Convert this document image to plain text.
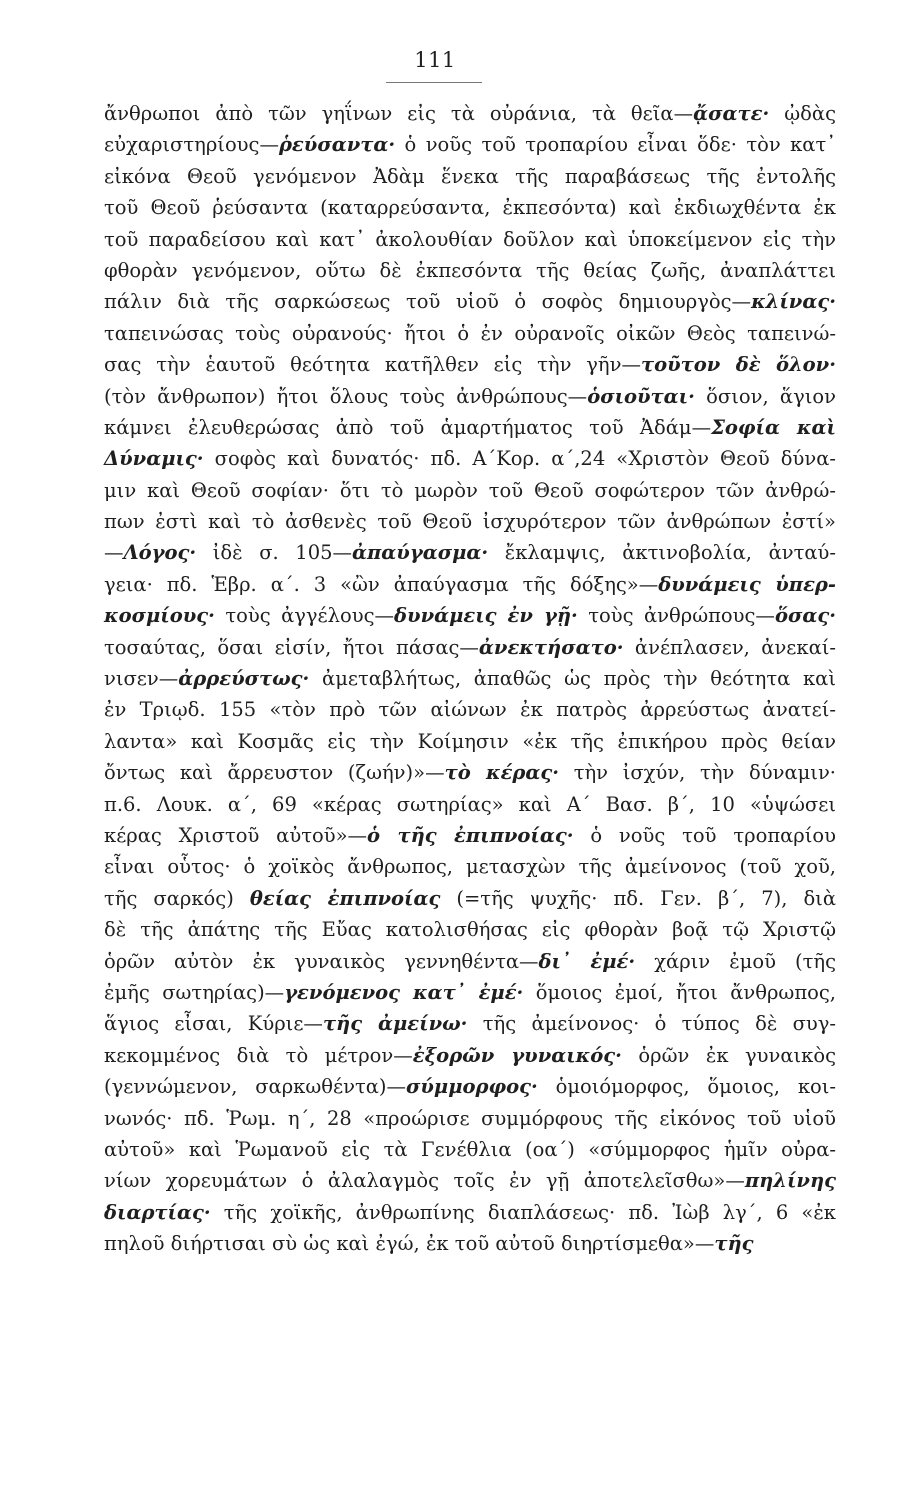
111
ἄνθρωποι ἀπὸ τῶν γηΐνων εἰς τὰ οὐράνια, τὰ θεῖα—ᾄσατε· ᾠδὰς
εὐχαριστηρίους—ῥεύσαντα· ὁ νοῦς τοῦ τροπαρίου εἶναι ὅδε· τὸν κατ᾿
εἰκόνα Θεοῦ γενόμενον Ἀδὰμ ἕνεκα τῆς παραβάσεως τῆς ἐντολῆς
τοῦ Θεοῦ ῥεύσαντα (καταρρεύσαντα, ἐκπεσόντα) καὶ ἐκδιωχθέντα ἐκ
τοῦ παραδείσου καὶ κατ᾿ ἀκολουθίαν δοῦλον καὶ ὑποκείμενον εἰς τὴν
φθορὰν γενόμενον, οὕτω δὲ ἐκπεσόντα τῆς θείας ζωῆς, ἀναπλάττει
πάλιν διὰ τῆς σαρκώσεως τοῦ υἱοῦ ὁ σοφὸς δημιουργὸς—κλίνας·
ταπεινώσας τοὺς οὐρανούς· ἤτοι ὁ ἐν οὐρανοῖς οἰκῶν Θεὸς ταπεινώ-
σας τὴν ἑαυτοῦ θεότητα κατῆλθεν εἰς τὴν γῆν—τοῦτον δὲ ὅλον·
(τὸν ἄνθρωπον) ἤτοι ὅλους τοὺς ἀνθρώπους—ὁσιοῦται· ὅσιον, ἅγιον
κάμνει ἐλευθερώσας ἀπὸ τοῦ ἁμαρτήματος τοῦ Ἀδάμ—Σοφία καὶ
Δύναμις· σοφὸς καὶ δυνατός· πδ. Α΄Κορ. α΄,24 «Χριστὸν Θεοῦ δύνα-
μιν καὶ Θεοῦ σοφίαν· ὅτι τὸ μωρὸν τοῦ Θεοῦ σοφώτερον τῶν ἀνθρώ-
πων ἐστὶ καὶ τὸ ἀσθενὲς τοῦ Θεοῦ ἰσχυρότερον τῶν ἀνθρώπων ἐστί»
—Λόγος· ἰδὲ σ. 105—ἀπαύγασμα· ἔκλαμψις, ἀκτινοβολία, ἀνταύ-
γεια· πδ. Ἑβρ. α΄. 3 «ὢν ἀπαύγασμα τῆς δόξης»—δυνάμεις ὑπερ-
κοσμίους· τοὺς ἀγγέλους—δυνάμεις ἐν γῇ· τοὺς ἀνθρώπους—ὅσας·
τοσαύτας, ὅσαι εἰσίν, ἤτοι πάσας—ἀνεκτήσατο· ἀνέπλασεν, ἀνεκαί-
νισεν—ἀρρεύστως· ἀμεταβλήτως, ἀπαθῶς ὡς πρὸς τὴν θεότητα καὶ
ἐν Τριῳδ. 155 «τὸν πρὸ τῶν αἰώνων ἐκ πατρὸς ἀρρεύστως ἀνατεί-
λαντα» καὶ Κοσμᾶς εἰς τὴν Κοίμησιν «ἐκ τῆς ἐπικήρου πρὸς θείαν
ὄντως καὶ ἄρρευστον (ζωήν)»—τὸ κέρας· τὴν ἰσχύν, τὴν δύναμιν·
π.6. Λουκ. α΄, 69 «κέρας σωτηρίας» καὶ Α΄ Βασ. β΄, 10 «ὑψώσει
κέρας Χριστοῦ αὐτοῦ»—ὁ τῆς ἐπιπνοίας· ὁ νοῦς τοῦ τροπαρίου
εἶναι οὗτος· ὁ χοϊκὸς ἄνθρωπος, μετασχὼν τῆς ἀμείνονος (τοῦ χοῦ,
τῆς σαρκός) θείας ἐπιπνοίας (=τῆς ψυχῆς· πδ. Γεν. β΄, 7), διὰ
δὲ τῆς ἀπάτης τῆς Εὔας κατολισθήσας εἰς φθορὰν βοᾷ τῷ Χριστῷ
ὁρῶν αὐτὸν ἐκ γυναικὸς γεννηθέντα—δι᾿ ἐμέ· χάριν ἐμοῦ (τῆς
ἐμῆς σωτηρίας)—γενόμενος κατ᾿ ἐμέ· ὅμοιος ἐμοί, ἤτοι ἄνθρωπος,
ἅγιος εἶσαι, Κύριε—τῆς ἀμείνω· τῆς ἀμείνονος· ὁ τύπος δὲ συγ-
κεκομμένος διὰ τὸ μέτρον—ἐξορῶν γυναικός· ὁρῶν ἐκ γυναικὸς
(γεννώμενον, σαρκωθέντα)—σύμμορφος· ὁμοιόμορφος, ὅμοιος, κοι-
νωνός· πδ. Ῥωμ. η΄, 28 «προώρισε συμμόρφους τῆς εἰκόνος τοῦ υἱοῦ
αὐτοῦ» καὶ Ῥωμανοῦ εἰς τὰ Γενέθλια (οα΄) «σύμμορφος ἡμῖν οὐρα-
νίων χορευμάτων ὁ ἀλαλαγμὸς τοῖς ἐν γῇ ἀποτελεῖσθω»—πηλίνης
διαρτίας· τῆς χοϊκῆς, ἀνθρωπίνης διαπλάσεως· πδ. Ἰὼβ λγ΄, 6 «ἐκ
πηλοῦ διήρτισαι σὺ ὡς καὶ ἐγώ, ἐκ τοῦ αὐτοῦ διηρτίσμεθα»—τῆς
